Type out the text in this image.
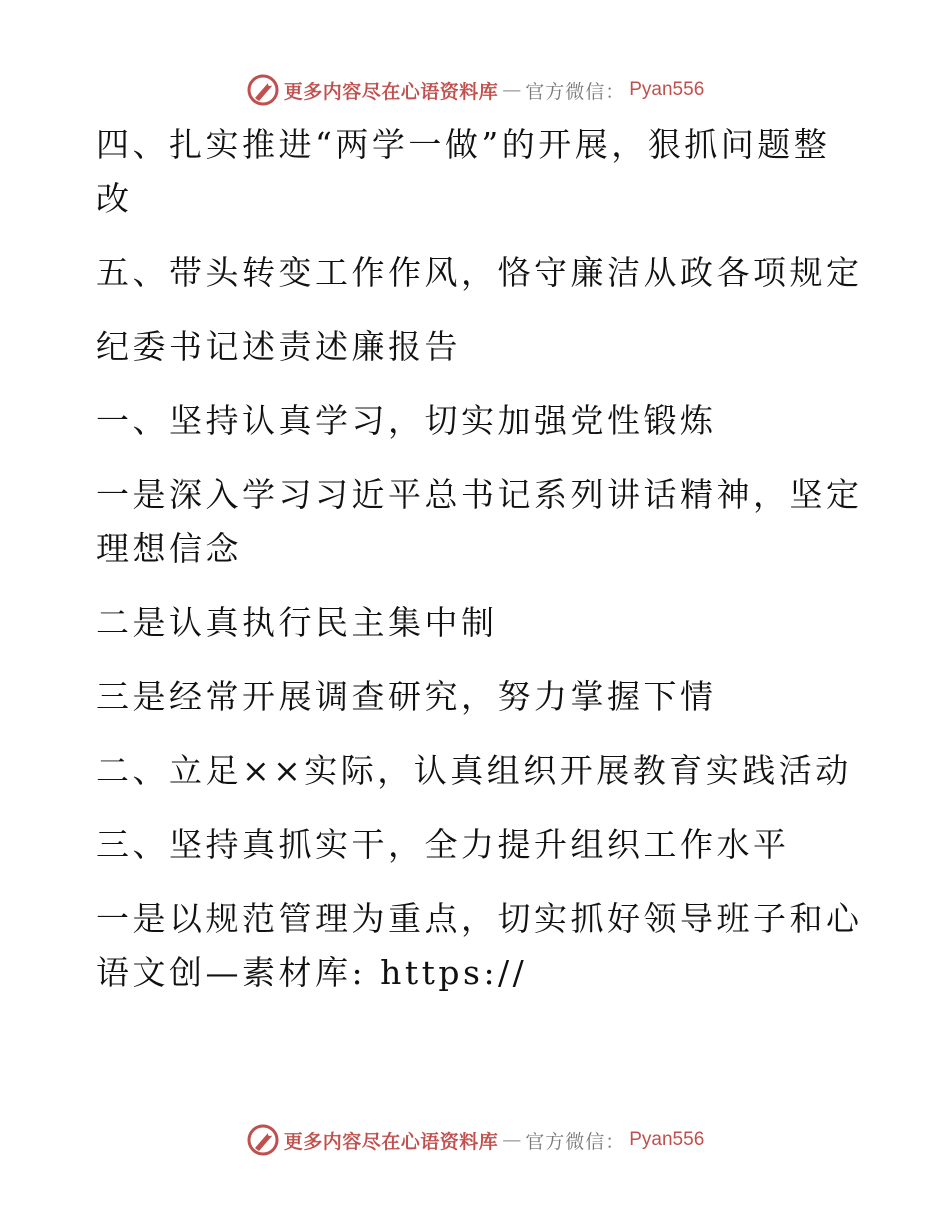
更多内容尽在心语资料库 — 官方微信： Pyan556

四、扎实推进“两学一做”的开展，狠抓问题整

改

五、带头转变工作作风，恪守廉洁从政各项规定

纪委书记述责述廉报告

一、坚持认真学习，切实加强党性锻炼

一是深入学习习近平总书记系列讲话精神，坚定

理想信念

二是认真执行民主集中制

三是经常开展调查研究，努力掌握下情

二、立足××实际，认真组织开展教育实践活动

三、坚持真抓实干，全力提升组织工作水平

一是以规范管理为重点，切实抓好领导班子和心

语文创—素材库: https://

更多内容尽在心语资料库 — 官方微信： Pyan556
